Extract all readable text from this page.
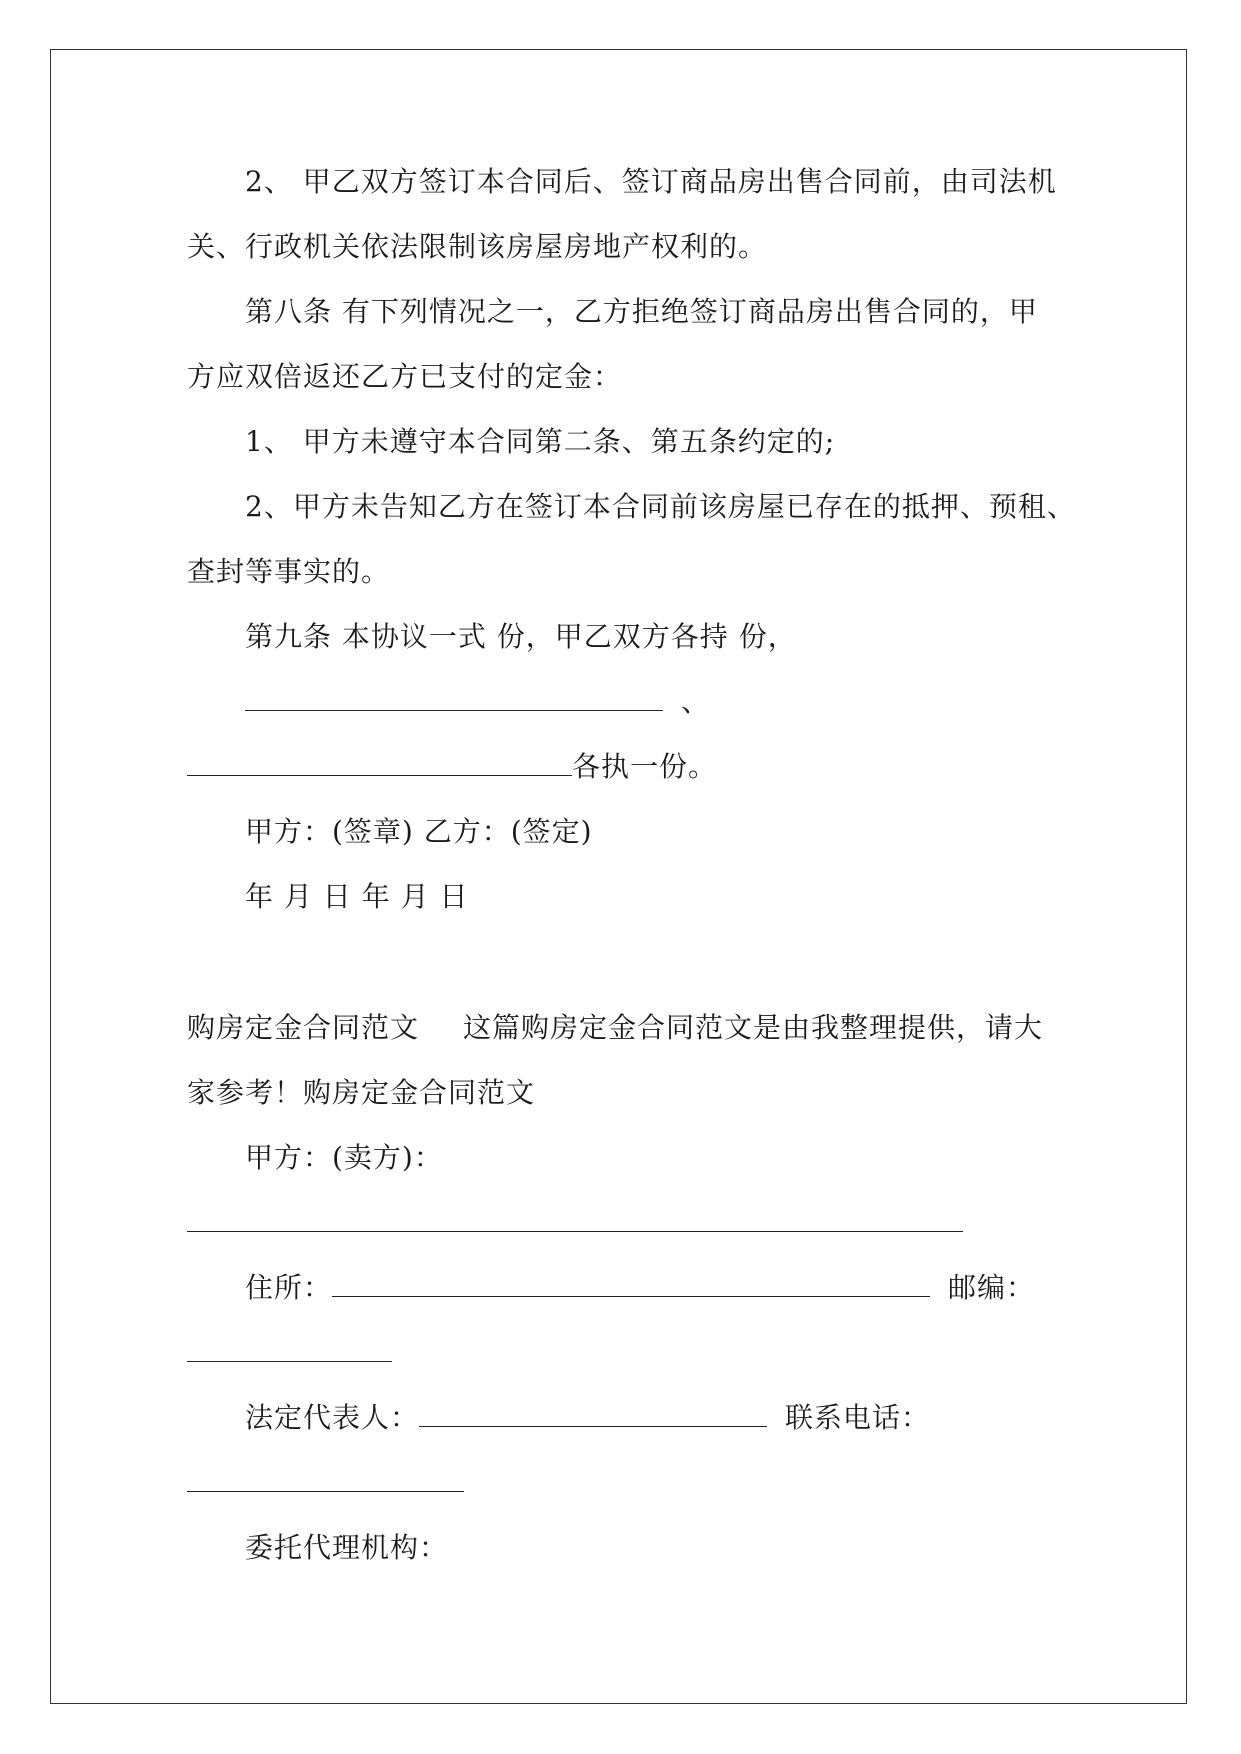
2、 甲乙双方签订本合同后、签订商品房出售合同前，由司法机
关、行政机关依法限制该房屋房地产权利的。
第八条 有下列情况之一，乙方拒绝签订商品房出售合同的，甲
方应双倍返还乙方已支付的定金：
1、 甲方未遵守本合同第二条、第五条约定的;
2、甲方未告知乙方在签订本合同前该房屋已存在的抵押、预租、
查封等事实的。
第九条 本协议一式 份，甲乙双方各持 份，
、
各执一份。
甲方：(签章) 乙方：(签定)
年 月 日 年 月 日
购房定金合同范文 这篇购房定金合同范文是由我整理提供，请大
家参考！购房定金合同范文
甲方：(卖方)：
住所：	邮编：
法定代表人：	联系电话：
委托代理机构：
